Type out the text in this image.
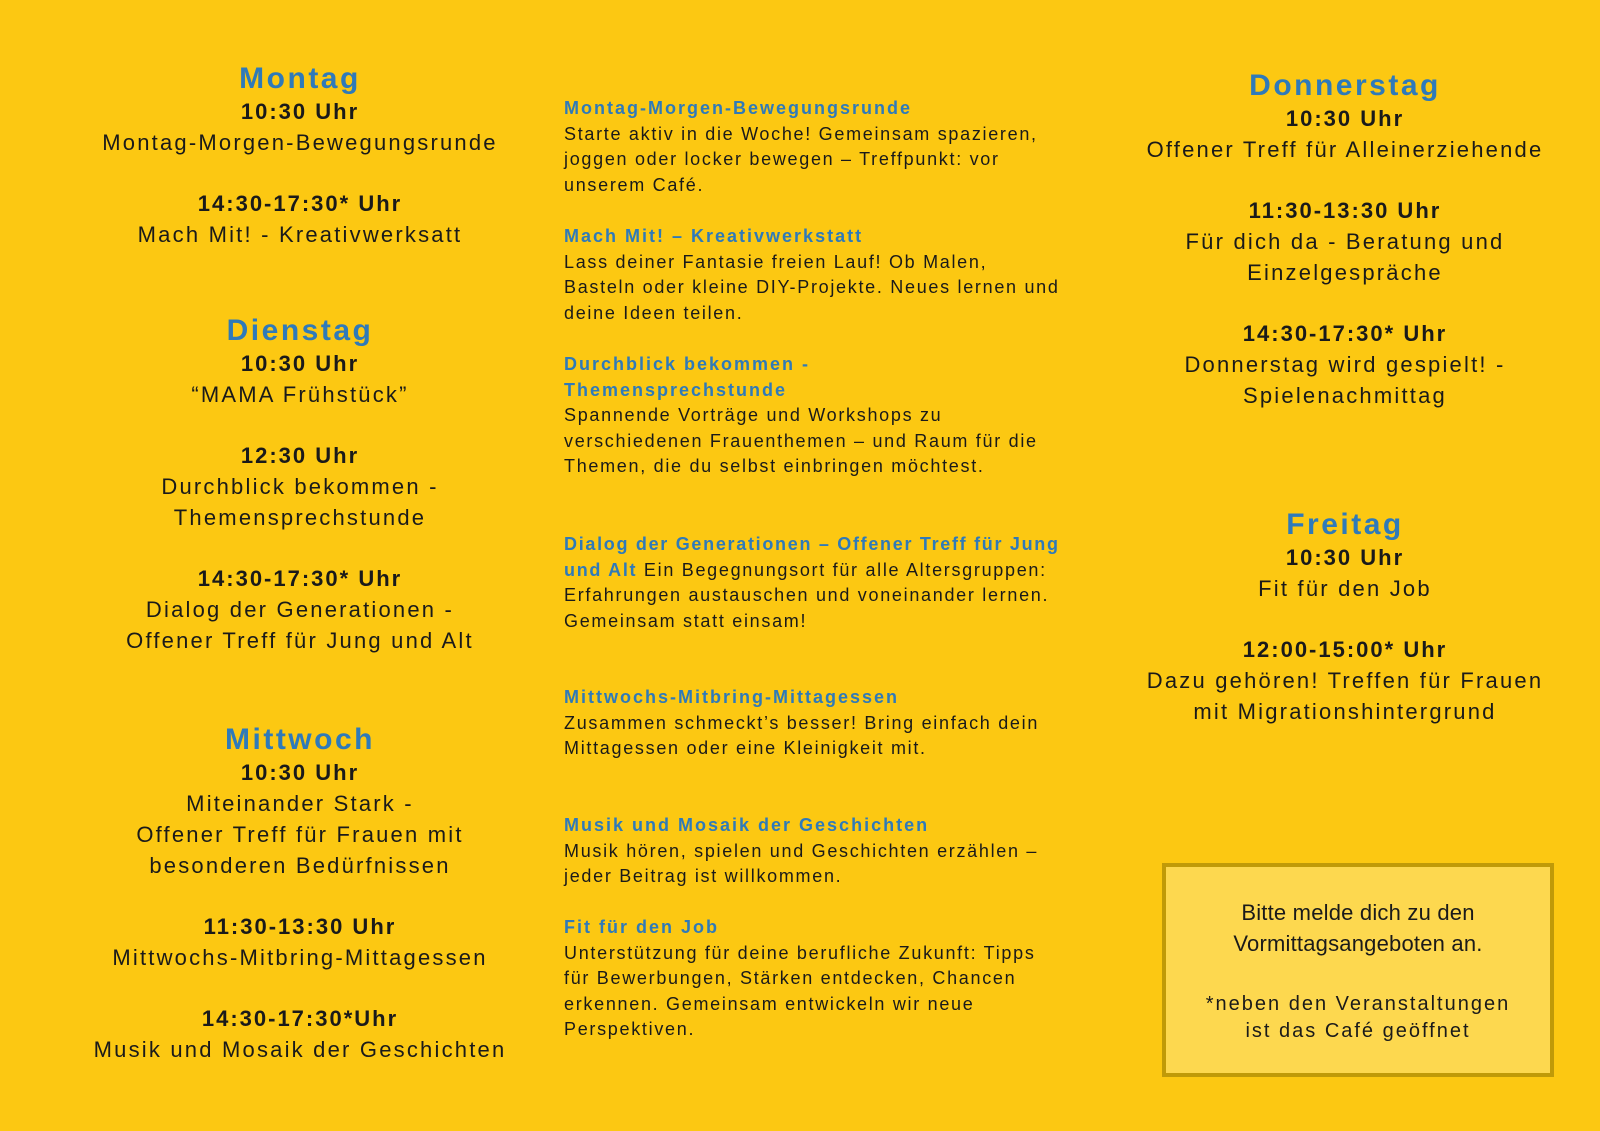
Montag
10:30 Uhr
Montag-Morgen-Bewegungsrunde
14:30-17:30* Uhr
Mach Mit! - Kreativwerksatt
Dienstag
10:30 Uhr
“MAMA Frühstück”
12:30 Uhr
Durchblick bekommen -
Themensprechstunde
14:30-17:30* Uhr
Dialog der Generationen -
Offener Treff für Jung und Alt
Mittwoch
10:30 Uhr
Miteinander Stark -
Offener Treff für Frauen mit
besonderen Bedürfnissen
11:30-13:30 Uhr
Mittwochs-Mitbring-Mittagessen
14:30-17:30*Uhr
Musik und Mosaik der Geschichten
Montag-Morgen-Bewegungsrunde
Starte aktiv in die Woche! Gemeinsam spazieren, joggen oder locker bewegen – Treffpunkt: vor unserem Café.
Mach Mit! – Kreativwerkstatt
Lass deiner Fantasie freien Lauf! Ob Malen, Basteln oder kleine DIY-Projekte. Neues lernen und deine Ideen teilen.
Durchblick bekommen - Themensprechstunde
Spannende Vorträge und Workshops zu verschiedenen Frauenthemen – und Raum für die Themen, die du selbst einbringen möchtest.
Dialog der Generationen – Offener Treff für Jung und Alt Ein Begegnungsort für alle Altersgruppen: Erfahrungen austauschen und voneinander lernen. Gemeinsam statt einsam!
Mittwochs-Mitbring-Mittagessen
Zusammen schmeckt’s besser! Bring einfach dein Mittagessen oder eine Kleinigkeit mit.
Musik und Mosaik der Geschichten
Musik hören, spielen und Geschichten erzählen – jeder Beitrag ist willkommen.
Fit für den Job
Unterstützung für deine berufliche Zukunft: Tipps für Bewerbungen, Stärken entdecken, Chancen erkennen. Gemeinsam entwickeln wir neue Perspektiven.
Donnerstag
10:30 Uhr
Offener Treff für Alleinerziehende
11:30-13:30 Uhr
Für dich da - Beratung und
Einzelgespräche
14:30-17:30* Uhr
Donnerstag wird gespielt! -
Spielenachmittag
Freitag
10:30 Uhr
Fit für den Job
12:00-15:00* Uhr
Dazu gehören! Treffen für Frauen
mit Migrationshintergrund
Bitte melde dich zu den
Vormittagsangeboten an.
*neben den Veranstaltungen
ist das Café geöffnet
